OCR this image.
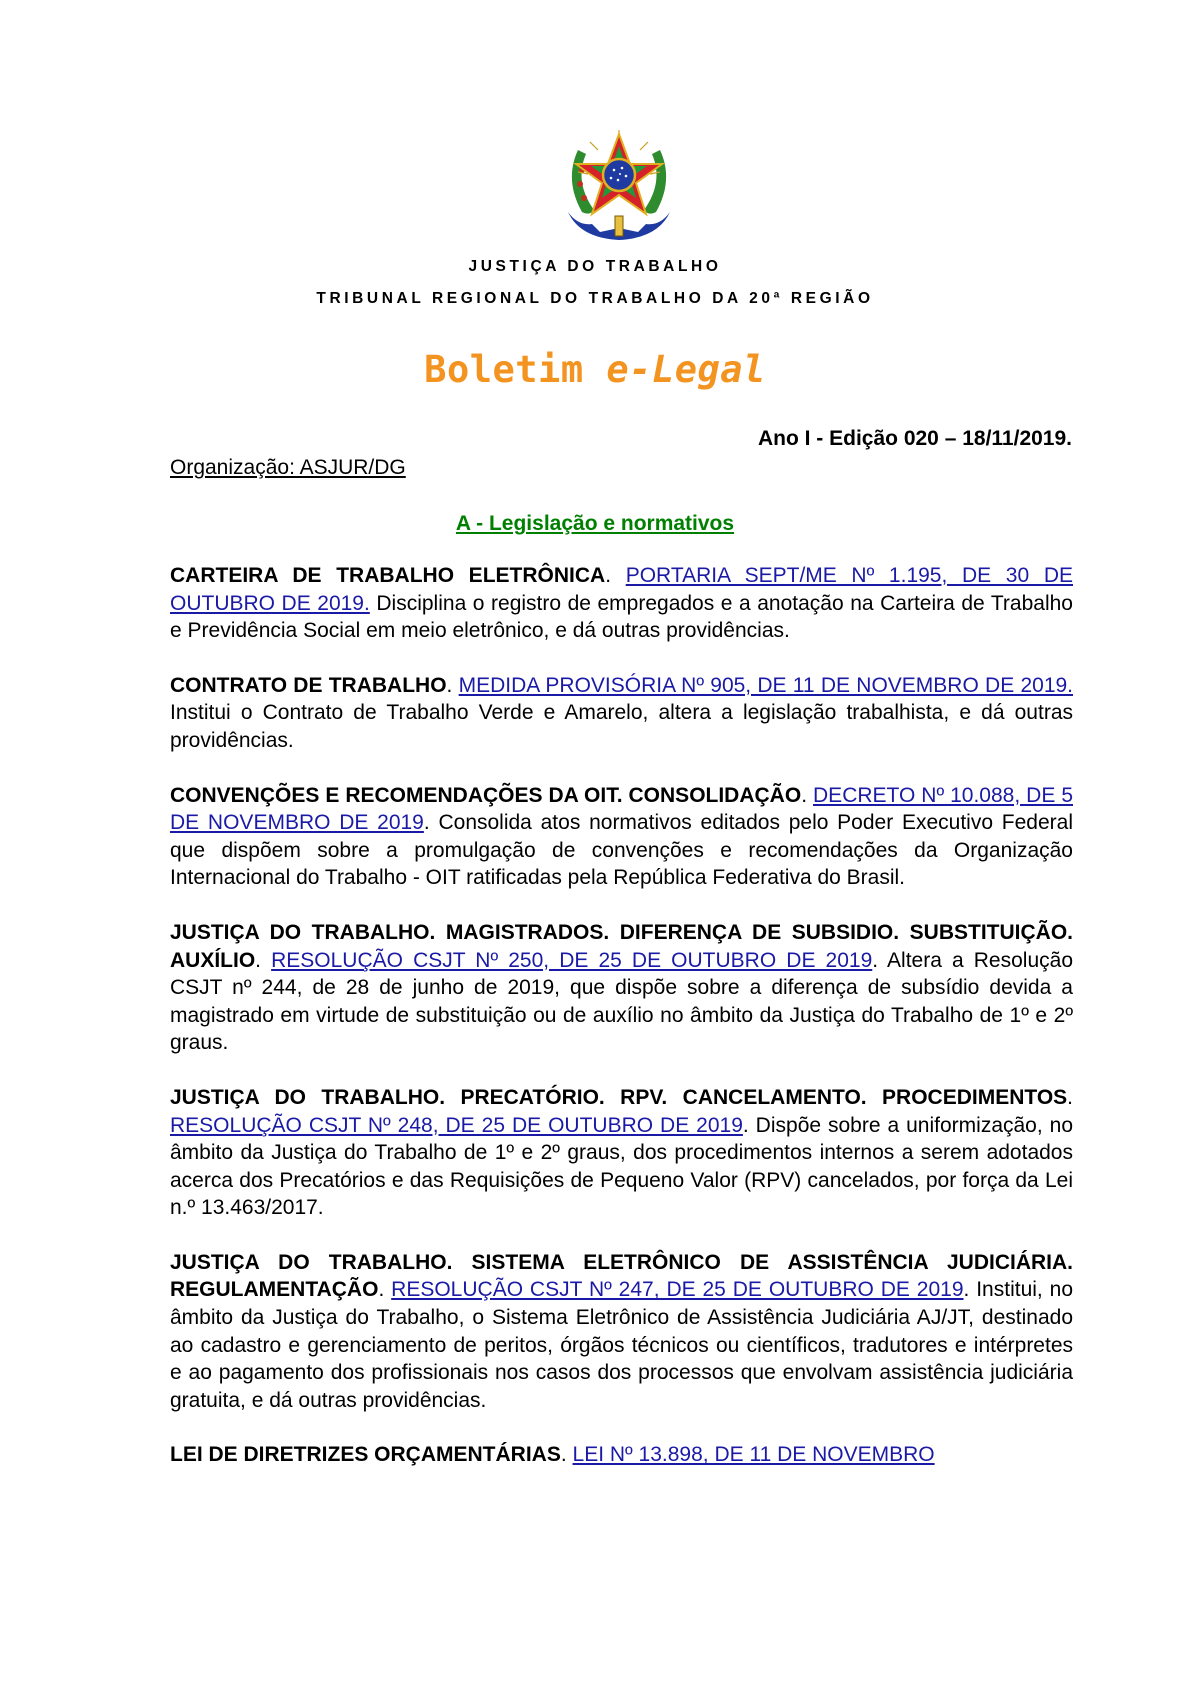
JUSTIÇA DO TRABALHO
TRIBUNAL REGIONAL DO TRABALHO DA 20ª REGIÃO
Boletim e-Legal
Ano I - Edição 020 – 18/11/2019.
Organização: ASJUR/DG
A - Legislação e normativos

CARTEIRA DE TRABALHO ELETRÔNICA. PORTARIA SEPT/ME Nº 1.195, DE 30 DE OUTUBRO DE 2019. Disciplina o registro de empregados e a anotação na Carteira de Trabalho e Previdência Social em meio eletrônico, e dá outras providências.

CONTRATO DE TRABALHO. MEDIDA PROVISÓRIA Nº 905, DE 11 DE NOVEMBRO DE 2019. Institui o Contrato de Trabalho Verde e Amarelo, altera a legislação trabalhista, e dá outras providências.

CONVENÇÕES E RECOMENDAÇÕES DA OIT. CONSOLIDAÇÃO. DECRETO Nº 10.088, DE 5 DE NOVEMBRO DE 2019. Consolida atos normativos editados pelo Poder Executivo Federal que dispõem sobre a promulgação de convenções e recomendações da Organização Internacional do Trabalho - OIT ratificadas pela República Federativa do Brasil.

JUSTIÇA DO TRABALHO. MAGISTRADOS. DIFERENÇA DE SUBSIDIO. SUBSTITUIÇÃO. AUXÍLIO. RESOLUÇÃO CSJT Nº 250, DE 25 DE OUTUBRO DE 2019. Altera a Resolução CSJT nº 244, de 28 de junho de 2019, que dispõe sobre a diferença de subsídio devida a magistrado em virtude de substituição ou de auxílio no âmbito da Justiça do Trabalho de 1º e 2º graus.

JUSTIÇA DO TRABALHO. PRECATÓRIO. RPV. CANCELAMENTO. PROCEDIMENTOS. RESOLUÇÃO CSJT Nº 248, DE 25 DE OUTUBRO DE 2019. Dispõe sobre a uniformização, no âmbito da Justiça do Trabalho de 1º e 2º graus, dos procedimentos internos a serem adotados acerca dos Precatórios e das Requisições de Pequeno Valor (RPV) cancelados, por força da Lei n.º 13.463/2017.

JUSTIÇA DO TRABALHO. SISTEMA ELETRÔNICO DE ASSISTÊNCIA JUDICIÁRIA. REGULAMENTAÇÃO. RESOLUÇÃO CSJT Nº 247, DE 25 DE OUTUBRO DE 2019. Institui, no âmbito da Justiça do Trabalho, o Sistema Eletrônico de Assistência Judiciária AJ/JT, destinado ao cadastro e gerenciamento de peritos, órgãos técnicos ou científicos, tradutores e intérpretes e ao pagamento dos profissionais nos casos dos processos que envolvam assistência judiciária gratuita, e dá outras providências.

LEI DE DIRETRIZES ORÇAMENTÁRIAS. LEI Nº 13.898, DE 11 DE NOVEMBRO
